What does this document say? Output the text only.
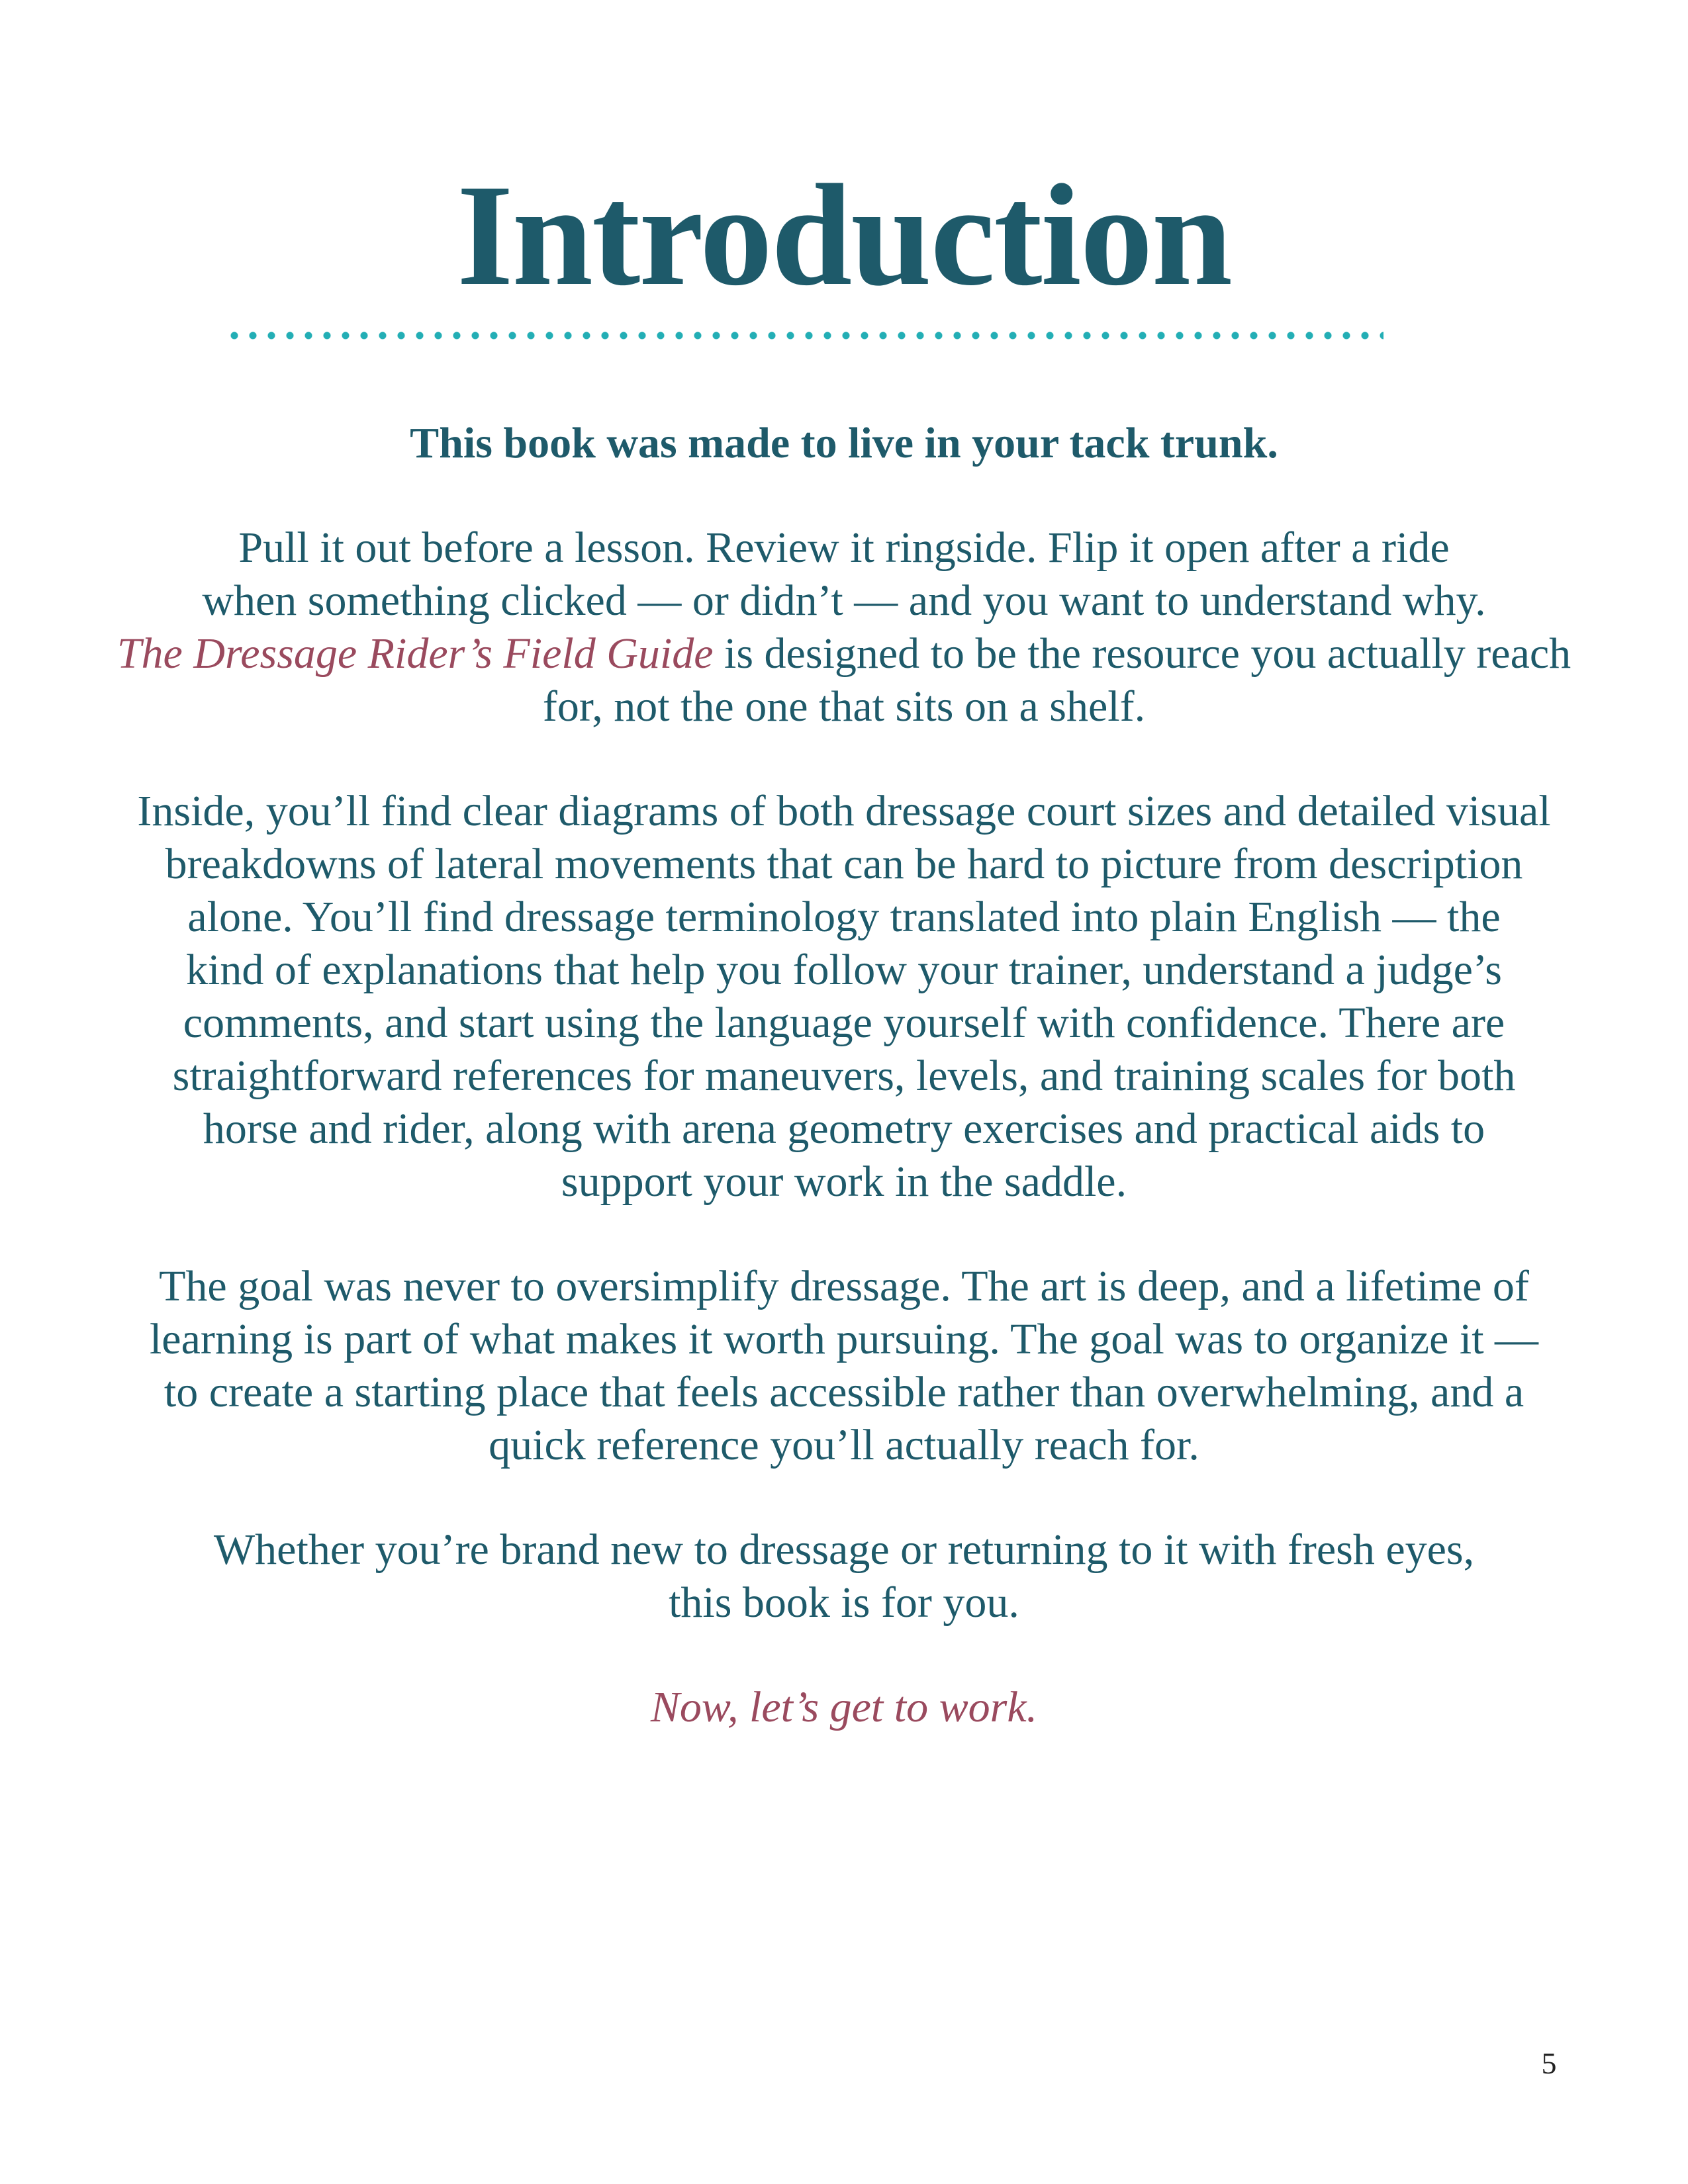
Introduction

This book was made to live in your tack trunk.

Pull it out before a lesson. Review it ringside. Flip it open after a ride
when something clicked — or didn’t — and you want to understand why.
The Dressage Rider’s Field Guide is designed to be the resource you actually reach
for, not the one that sits on a shelf.

Inside, you’ll find clear diagrams of both dressage court sizes and detailed visual
breakdowns of lateral movements that can be hard to picture from description
alone. You’ll find dressage terminology translated into plain English — the
kind of explanations that help you follow your trainer, understand a judge’s
comments, and start using the language yourself with confidence. There are
straightforward references for maneuvers, levels, and training scales for both
horse and rider, along with arena geometry exercises and practical aids to
support your work in the saddle.

The goal was never to oversimplify dressage. The art is deep, and a lifetime of
learning is part of what makes it worth pursuing. The goal was to organize it —
to create a starting place that feels accessible rather than overwhelming, and a
quick reference you’ll actually reach for.

Whether you’re brand new to dressage or returning to it with fresh eyes,
this book is for you.

Now, let’s get to work.

5
